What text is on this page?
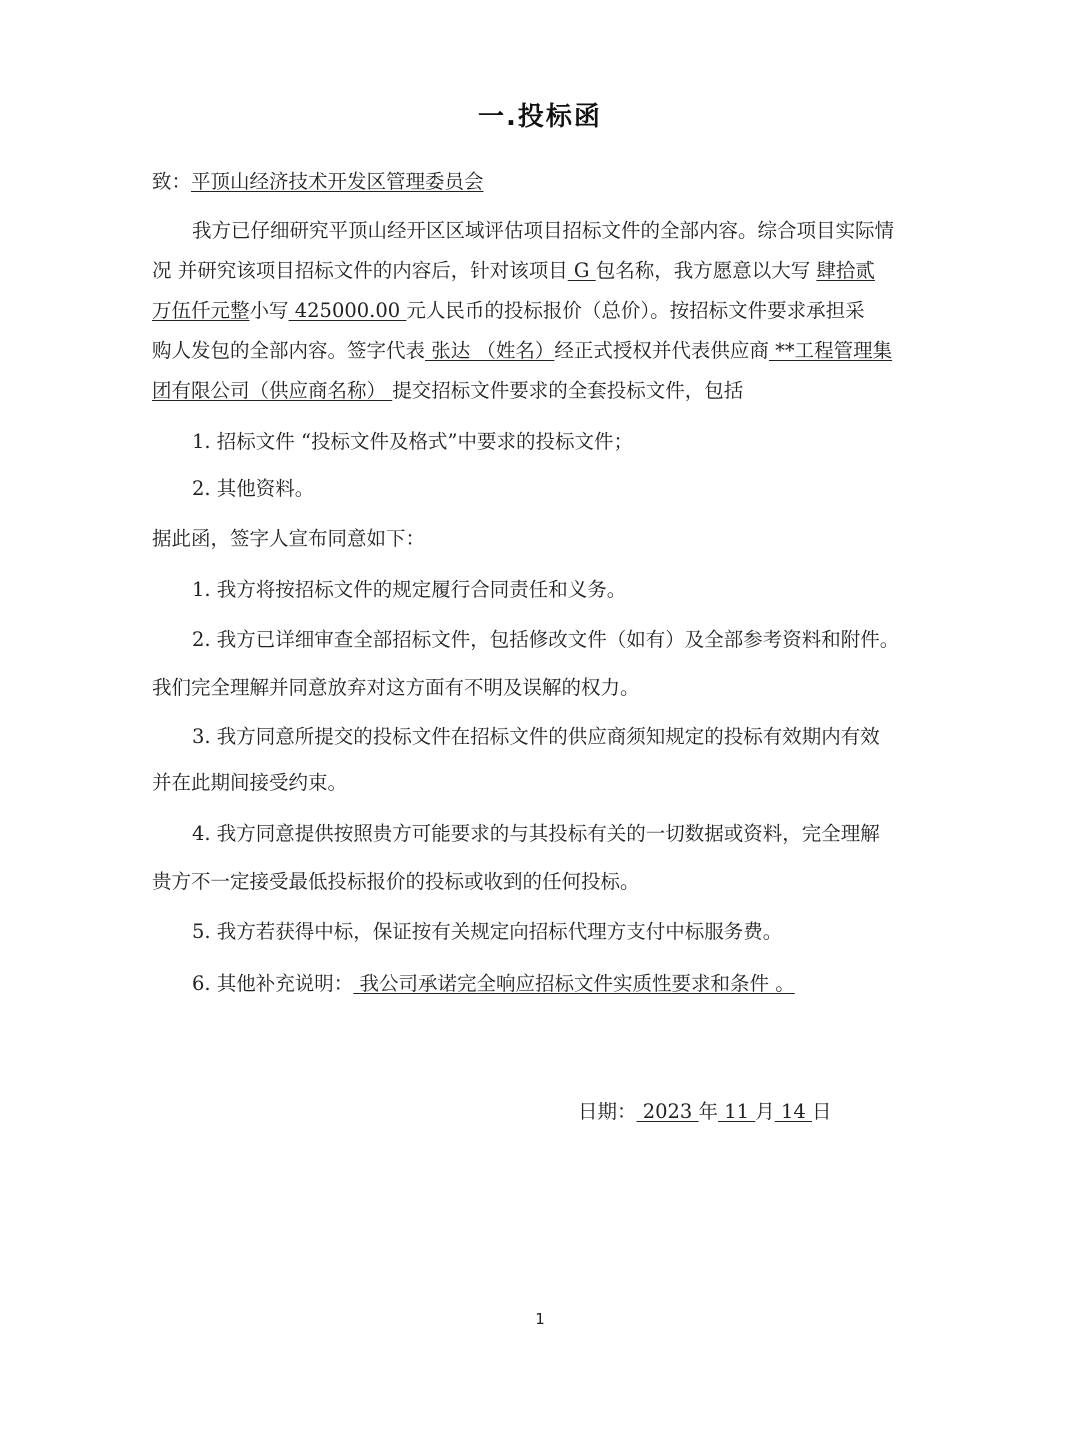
一.投标函
致：平顶山经济技术开发区管理委员会
我方已仔细研究平顶山经开区区域评估项目招标文件的全部内容。综合项目实际情
况 并研究该项目招标文件的内容后，针对该项目 G 包名称，我方愿意以大写 肆拾贰
万伍仟元整小写 425000.00 元人民币的投标报价（总价）。按招标文件要求承担采
购人发包的全部内容。签字代表 张达 （姓名）经正式授权并代表供应商 **工程管理集
团有限公司（供应商名称） 提交招标文件要求的全套投标文件，包括
1. 招标文件 “投标文件及格式”中要求的投标文件；
2. 其他资料。
据此函，签字人宣布同意如下：
1. 我方将按招标文件的规定履行合同责任和义务。
2. 我方已详细审查全部招标文件，包括修改文件（如有）及全部参考资料和附件。
我们完全理解并同意放弃对这方面有不明及误解的权力。
3. 我方同意所提交的投标文件在招标文件的供应商须知规定的投标有效期内有效
并在此期间接受约束。
4. 我方同意提供按照贵方可能要求的与其投标有关的一切数据或资料，完全理解
贵方不一定接受最低投标报价的投标或收到的任何投标。
5. 我方若获得中标，保证按有关规定向招标代理方支付中标服务费。
6. 其他补充说明： 我公司承诺完全响应招标文件实质性要求和条件 。
日期： 2023 年 11 月 14 日
1
